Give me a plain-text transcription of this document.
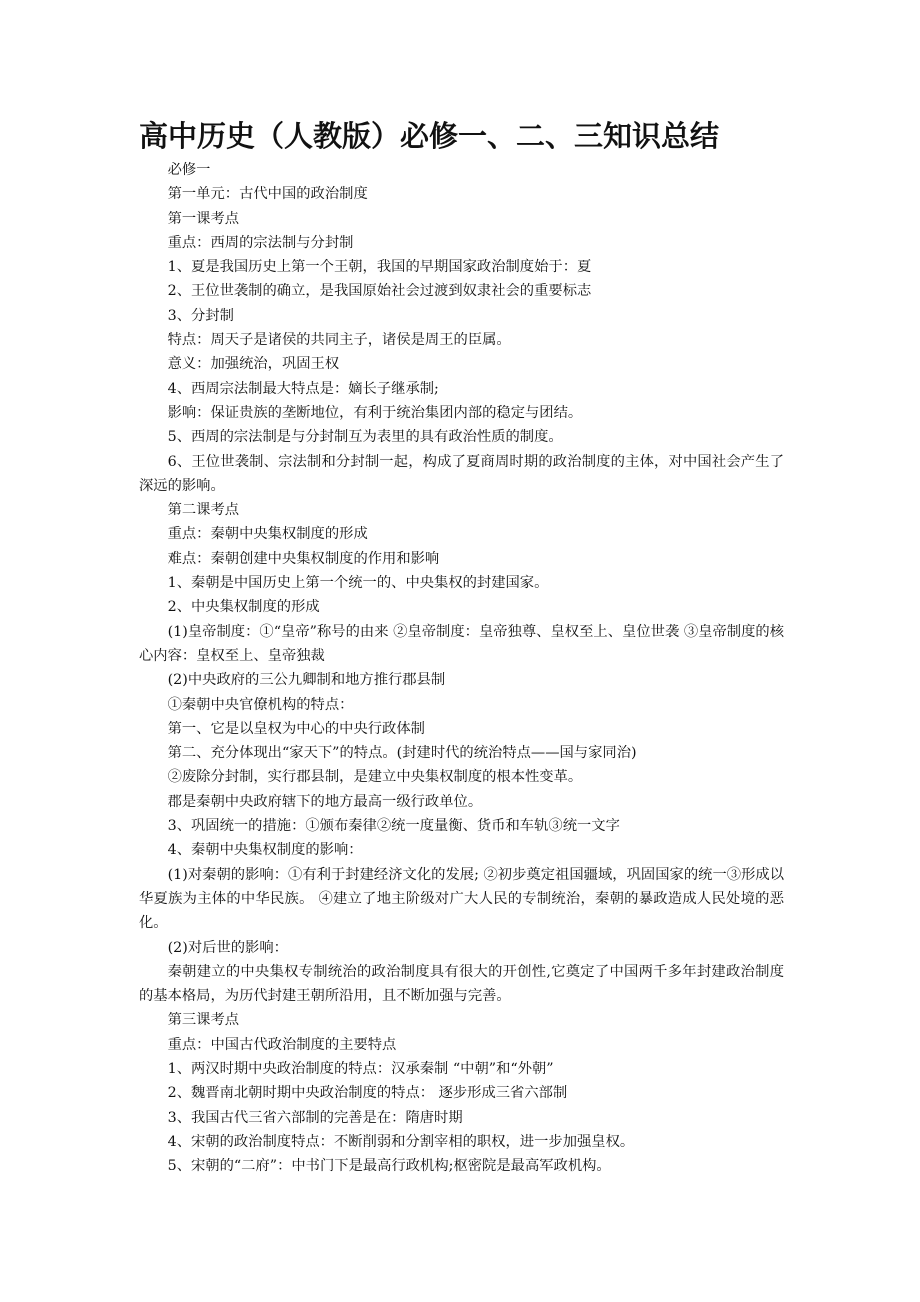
高中历史（人教版）必修一、二、三知识总结

必修一

第一单元：古代中国的政治制度

第一课考点

重点：西周的宗法制与分封制

1、夏是我国历史上第一个王朝，我国的早期国家政治制度始于：夏

2、王位世袭制的确立，是我国原始社会过渡到奴隶社会的重要标志

3、分封制

特点：周天子是诸侯的共同主子，诸侯是周王的臣属。

意义：加强统治，巩固王权

4、西周宗法制最大特点是：嫡长子继承制;

影响：保证贵族的垄断地位，有利于统治集团内部的稳定与团结。

5、西周的宗法制是与分封制互为表里的具有政治性质的制度。

6、王位世袭制、宗法制和分封制一起，构成了夏商周时期的政治制度的主体，对中国社会产生了深远的影响。

第二课考点

重点：秦朝中央集权制度的形成

难点：秦朝创建中央集权制度的作用和影响

1、秦朝是中国历史上第一个统一的、中央集权的封建国家。

2、中央集权制度的形成

(1)皇帝制度：①“皇帝”称号的由来 ②皇帝制度：皇帝独尊、皇权至上、皇位世袭 ③皇帝制度的核心内容：皇权至上、皇帝独裁

(2)中央政府的三公九卿制和地方推行郡县制

①秦朝中央官僚机构的特点：

第一、它是以皇权为中心的中央行政体制

第二、充分体现出“家天下”的特点。(封建时代的统治特点——国与家同治)

②废除分封制，实行郡县制，是建立中央集权制度的根本性变革。

郡是秦朝中央政府辖下的地方最高一级行政单位。

3、巩固统一的措施：①颁布秦律②统一度量衡、货币和车轨③统一文字

4、秦朝中央集权制度的影响：

(1)对秦朝的影响：①有利于封建经济文化的发展; ②初步奠定祖国疆域，巩固国家的统一③形成以华夏族为主体的中华民族。 ④建立了地主阶级对广大人民的专制统治，秦朝的暴政造成人民处境的恶化。

(2)对后世的影响：

秦朝建立的中央集权专制统治的政治制度具有很大的开创性,它奠定了中国两千多年封建政治制度的基本格局，为历代封建王朝所沿用，且不断加强与完善。

第三课考点

重点：中国古代政治制度的主要特点

1、两汉时期中央政治制度的特点：汉承秦制 “中朝”和“外朝”

2、魏晋南北朝时期中央政治制度的特点： 逐步形成三省六部制

3、我国古代三省六部制的完善是在：隋唐时期

4、宋朝的政治制度特点：不断削弱和分割宰相的职权，进一步加强皇权。

5、宋朝的“二府”：中书门下是最高行政机构;枢密院是最高军政机构。
